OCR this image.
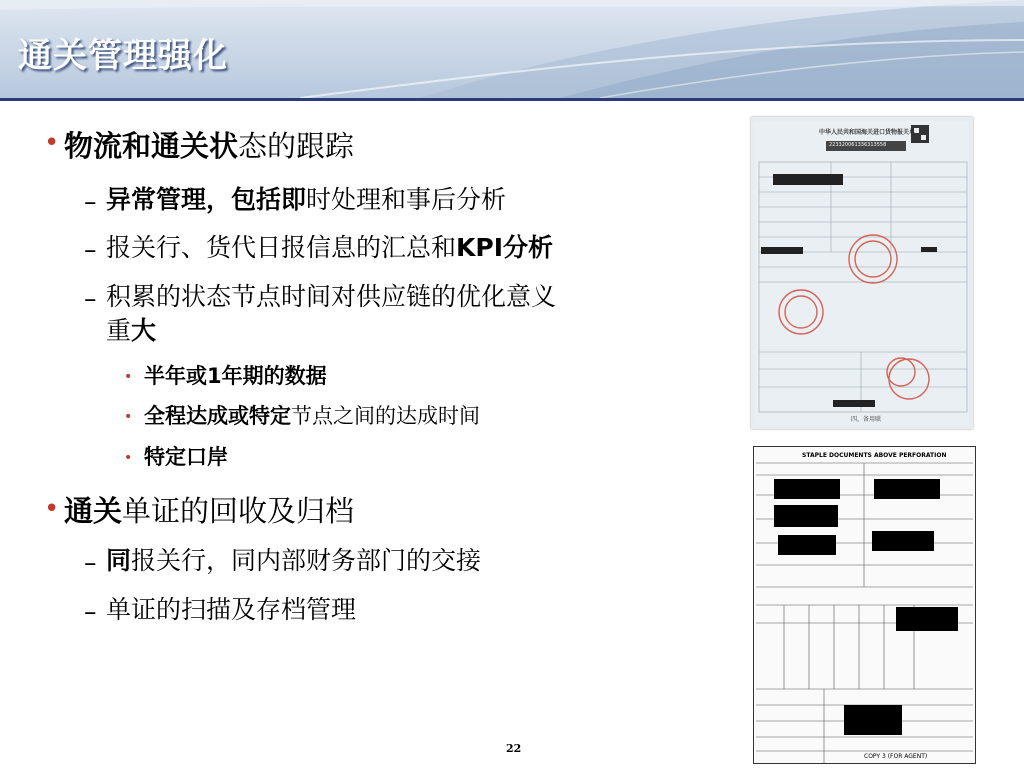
通关管理强化
• 物流和通关状态的跟踪
– 异常管理，包括即时处理和事后分析
– 报关行、货代日报信息的汇总和KPI分析
– 积累的状态节点时间对供应链的优化意义
重大
• 半年或1年期的数据
• 全程达成或特定节点之间的达成时间
• 特定口岸
• 通关单证的回收及归档
– 同报关行，同内部财务部门的交接
– 单证的扫描及存档管理
中华人民共和国海关进口货物报关单
223320061336313558
四、备用联
STAPLE DOCUMENTS ABOVE PERFORATION
COPY 3 (FOR AGENT)
22
